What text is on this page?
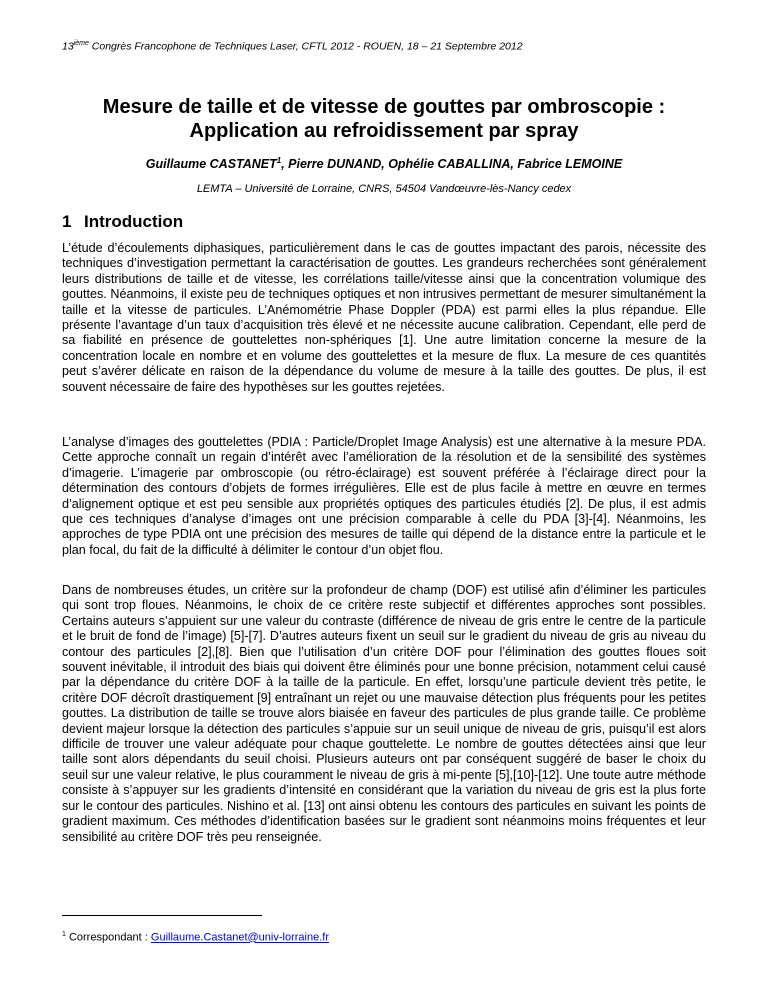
13ième Congrès Francophone de Techniques Laser, CFTL 2012 - ROUEN, 18 – 21 Septembre 2012
Mesure de taille et de vitesse de gouttes par ombroscopie :
Application au refroidissement par spray
Guillaume CASTANET$^1$, Pierre DUNAND, Ophélie CABALLINA, Fabrice LEMOINE
LEMTA – Université de Lorraine, CNRS, 54504 Vandœuvre-lès-Nancy cedex
1 Introduction

L’étude d’écoulements diphasiques, particulièrement dans le cas de gouttes impactant des parois, nécessite des techniques d’investigation permettant la caractérisation de gouttes. Les grandeurs recherchées sont généralement leurs distributions de taille et de vitesse, les corrélations taille/vitesse ainsi que la concentration volumique des gouttes. Néanmoins, il existe peu de techniques optiques et non intrusives permettant de mesurer simultanément la taille et la vitesse de particules. L’Anémométrie Phase Doppler (PDA) est parmi elles la plus répandue. Elle présente l’avantage d’un taux d’acquisition très élevé et ne nécessite aucune calibration. Cependant, elle perd de sa fiabilité en présence de gouttelettes non-sphériques [1]. Une autre limitation concerne la mesure de la concentration locale en nombre et en volume des gouttelettes et la mesure de flux. La mesure de ces quantités peut s’avérer délicate en raison de la dépendance du volume de mesure à la taille des gouttes. De plus, il est souvent nécessaire de faire des hypothèses sur les gouttes rejetées.

L’analyse d’images des gouttelettes (PDIA : Particle/Droplet Image Analysis) est une alternative à la mesure PDA. Cette approche connaît un regain d’intérêt avec l’amélioration de la résolution et de la sensibilité des systèmes d’imagerie. L’imagerie par ombroscopie (ou rétro-éclairage) est souvent préférée à l’éclairage direct pour la détermination des contours d’objets de formes irrégulières. Elle est de plus facile à mettre en œuvre en termes d’alignement optique et est peu sensible aux propriétés optiques des particules étudiés [2]. De plus, il est admis que ces techniques d’analyse d’images ont une précision comparable à celle du PDA [3]-[4]. Néanmoins, les approches de type PDIA ont une précision des mesures de taille qui dépend de la distance entre la particule et le plan focal, du fait de la difficulté à délimiter le contour d’un objet flou.

Dans de nombreuses études, un critère sur la profondeur de champ (DOF) est utilisé afin d’éliminer les particules qui sont trop floues. Néanmoins, le choix de ce critère reste subjectif et différentes approches sont possibles. Certains auteurs s’appuient sur une valeur du contraste (différence de niveau de gris entre le centre de la particule et le bruit de fond de l’image) [5]-[7]. D’autres auteurs fixent un seuil sur le gradient du niveau de gris au niveau du contour des particules [2],[8]. Bien que l’utilisation d’un critère DOF pour l’élimination des gouttes floues soit souvent inévitable, il introduit des biais qui doivent être éliminés pour une bonne précision, notamment celui causé par la dépendance du critère DOF à la taille de la particule. En effet, lorsqu’une particule devient très petite, le critère DOF décroît drastiquement [9] entraînant un rejet ou une mauvaise détection plus fréquents pour les petites gouttes. La distribution de taille se trouve alors biaisée en faveur des particules de plus grande taille. Ce problème devient majeur lorsque la détection des particules s’appuie sur un seuil unique de niveau de gris, puisqu’il est alors difficile de trouver une valeur adéquate pour chaque gouttelette. Le nombre de gouttes détectées ainsi que leur taille sont alors dépendants du seuil choisi. Plusieurs auteurs ont par conséquent suggéré de baser le choix du seuil sur une valeur relative, le plus couramment le niveau de gris à mi-pente [5],[10]-[12]. Une toute autre méthode consiste à s’appuyer sur les gradients d’intensité en considérant que la variation du niveau de gris est la plus forte sur le contour des particules. Nishino et al. [13] ont ainsi obtenu les contours des particules en suivant les points de gradient maximum. Ces méthodes d’identification basées sur le gradient sont néanmoins moins fréquentes et leur sensibilité au critère DOF très peu renseignée.

$^1$ Correspondant : Guillaume.Castanet@univ-lorraine.fr
